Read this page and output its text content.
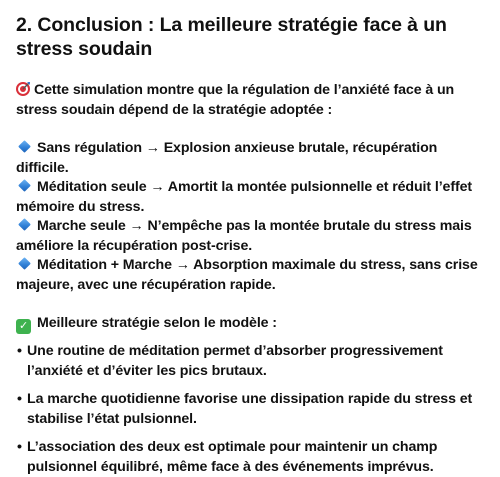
2. Conclusion : La meilleure stratégie face à un stress soudain

Cette simulation montre que la régulation de l’anxiété face à un stress soudain dépend de la stratégie adoptée :

Sans régulation → Explosion anxieuse brutale, récupération difficile.

Méditation seule → Amortit la montée pulsionnelle et réduit l’effet mémoire du stress.

Marche seule → N’empêche pas la montée brutale du stress mais améliore la récupération post-crise.

Méditation + Marche → Absorption maximale du stress, sans crise majeure, avec une récupération rapide.

✓ Meilleure stratégie selon le modèle :

• Une routine de méditation permet d’absorber progressivement l’anxiété et d’éviter les pics brutaux.
• La marche quotidienne favorise une dissipation rapide du stress et stabilise l’état pulsionnel.
• L’association des deux est optimale pour maintenir un champ pulsionnel équilibré, même face à des événements imprévus.
